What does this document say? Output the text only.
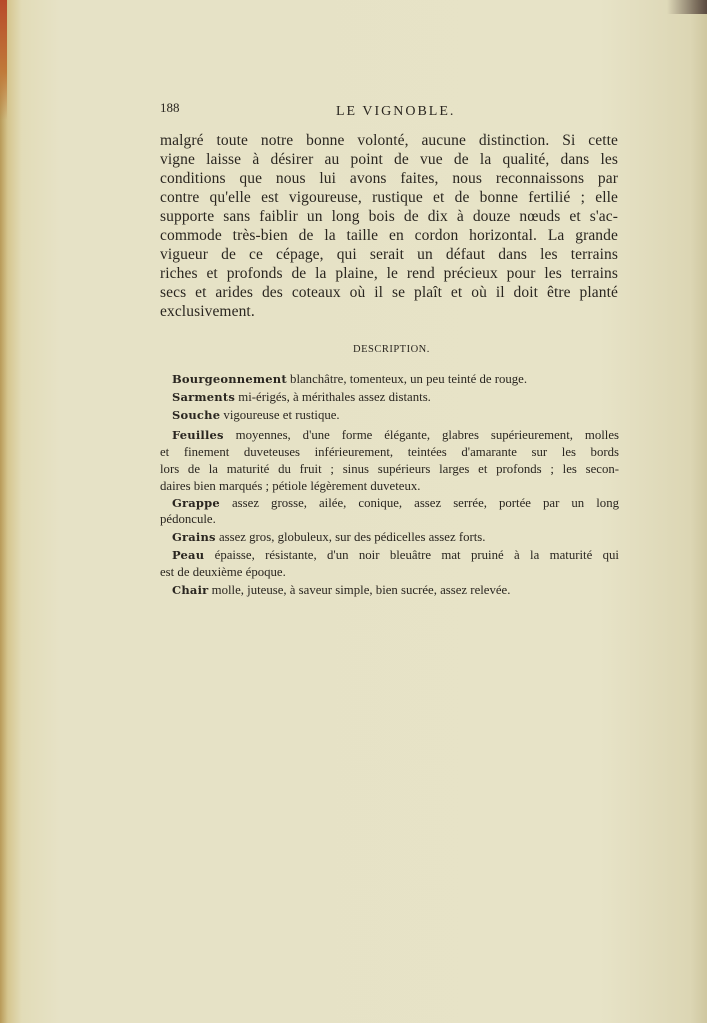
188	LE VIGNOBLE.
malgré toute notre bonne volonté, aucune distinction. Si cette
vigne laisse à désirer au point de vue de la qualité, dans les
conditions que nous lui avons faites, nous reconnaissons par
contre qu'elle est vigoureuse, rustique et de bonne fertilié ; elle
supporte sans faiblir un long bois de dix à douze nœuds et s'ac-
commode très-bien de la taille en cordon horizontal. La grande
vigueur de ce cépage, qui serait un défaut dans les terrains
riches et profonds de la plaine, le rend précieux pour les terrains
secs et arides des coteaux où il se plaît et où il doit être planté
exclusivement.
DESCRIPTION.
Bourgeonnement blanchâtre, tomenteux, un peu teinté de rouge.
Sarments mi-érigés, à mérithales assez distants.
Souche vigoureuse et rustique.
Feuilles moyennes, d'une forme élégante, glabres supérieurement, molles
et finement duveteuses inférieurement, teintées d'amarante sur les bords
lors de la maturité du fruit ; sinus supérieurs larges et profonds ; les secon-
daires bien marqués ; pétiole légèrement duveteux.
Grappe assez grosse, ailée, conique, assez serrée, portée par un long
pédoncule.
Grains assez gros, globuleux, sur des pédicelles assez forts.
Peau épaisse, résistante, d'un noir bleuâtre mat pruiné à la maturité qui
est de deuxième époque.
Chair molle, juteuse, à saveur simple, bien sucrée, assez relevée.
